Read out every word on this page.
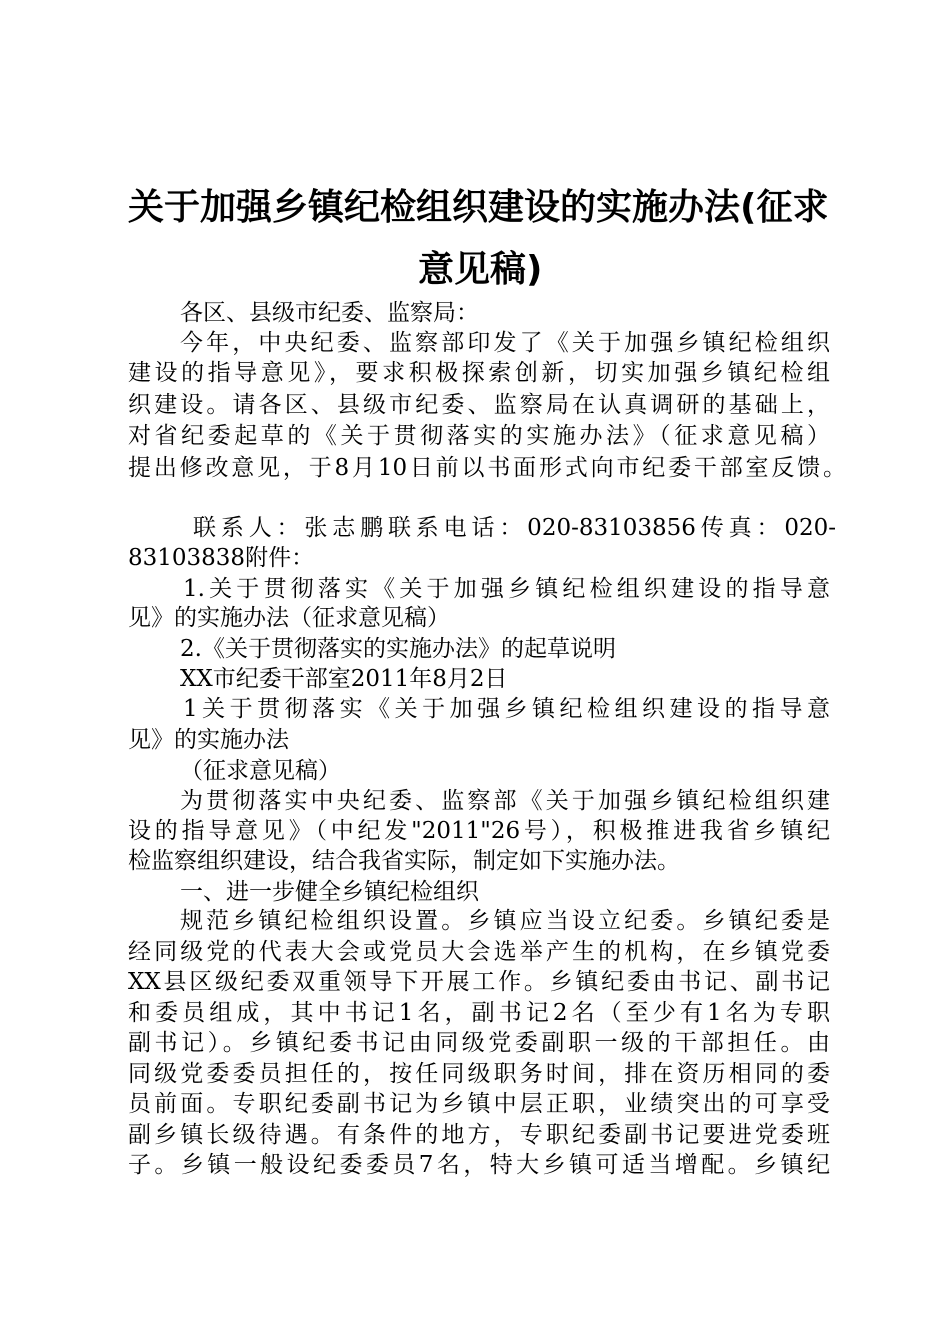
关于加强乡镇纪检组织建设的实施办法(征求
意见稿)
各区、县级市纪委、监察局：
今年，中央纪委、监察部印发了《关于加强乡镇纪检组织
建设的指导意见》，要求积极探索创新，切实加强乡镇纪检组
织建设。请各区、县级市纪委、监察局在认真调研的基础上，
对省纪委起草的《关于贯彻落实的实施办法》（征求意见稿）
提出修改意见，于8月10日前以书面形式向市纪委干部室反馈。
联系人：张志鹏联系电话：020-83103856传真：020-
83103838附件：
1.关于贯彻落实《关于加强乡镇纪检组织建设的指导意
见》的实施办法（征求意见稿）
2.《关于贯彻落实的实施办法》的起草说明
XX市纪委干部室2011年8月2日
1关于贯彻落实《关于加强乡镇纪检组织建设的指导意
见》的实施办法
（征求意见稿）
为贯彻落实中央纪委、监察部《关于加强乡镇纪检组织建
设的指导意见》（中纪发"2011"26号），积极推进我省乡镇纪
检监察组织建设，结合我省实际，制定如下实施办法。
一、进一步健全乡镇纪检组织
规范乡镇纪检组织设置。乡镇应当设立纪委。乡镇纪委是
经同级党的代表大会或党员大会选举产生的机构，在乡镇党委
XX县区级纪委双重领导下开展工作。乡镇纪委由书记、副书记
和委员组成，其中书记1名，副书记2名（至少有1名为专职
副书记）。乡镇纪委书记由同级党委副职一级的干部担任。由
同级党委委员担任的，按任同级职务时间，排在资历相同的委
员前面。专职纪委副书记为乡镇中层正职，业绩突出的可享受
副乡镇长级待遇。有条件的地方，专职纪委副书记要进党委班
子。乡镇一般设纪委委员7名，特大乡镇可适当增配。乡镇纪
